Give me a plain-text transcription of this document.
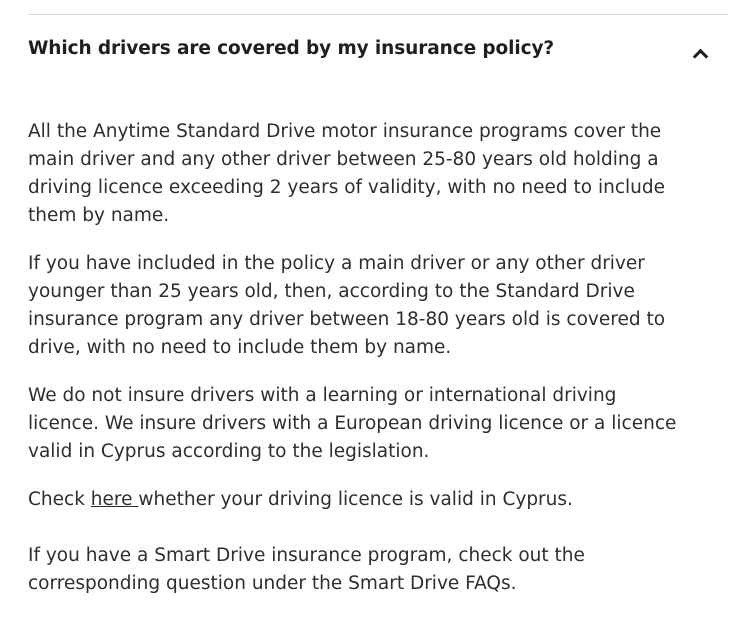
Which drivers are covered by my insurance policy?

All the Anytime Standard Drive motor insurance programs cover the main driver and any other driver between 25-80 years old holding a driving licence exceeding 2 years of validity, with no need to include them by name.

If you have included in the policy a main driver or any other driver younger than 25 years old, then, according to the Standard Drive insurance program any driver between 18-80 years old is covered to drive, with no need to include them by name.

We do not insure drivers with a learning or international driving licence. We insure drivers with a European driving licence or a licence valid in Cyprus according to the legislation.

Check here whether your driving licence is valid in Cyprus.

If you have a Smart Drive insurance program, check out the corresponding question under the Smart Drive FAQs.
